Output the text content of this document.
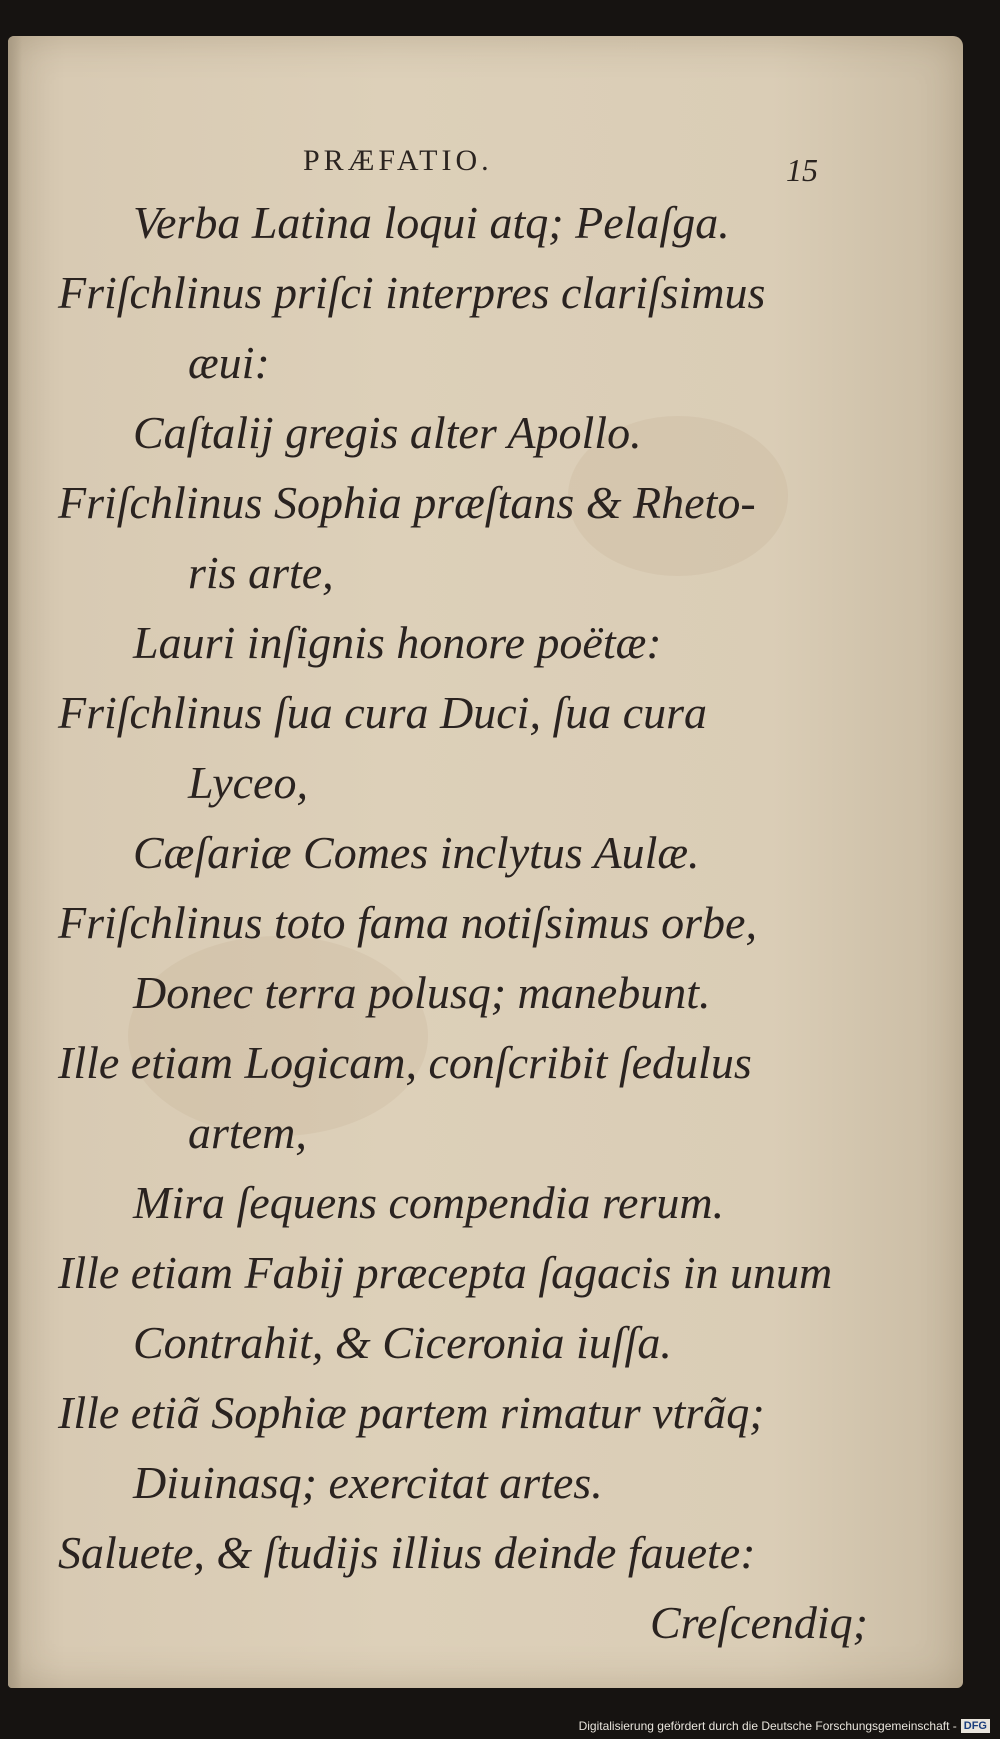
PRÆFATIO.	15
Verba Latina loqui atq; Pelaſga.
Friſchlinus priſci interpres clariſsimus
æui:
Caſtalij gregis alter Apollo.
Friſchlinus Sophia præſtans & Rheto-
ris arte,
Lauri inſignis honore poëtæ:
Friſchlinus ſua cura Duci, ſua cura
Lyceo,
Cæſariæ Comes inclytus Aulæ.
Friſchlinus toto fama notiſsimus orbe,
Donec terra polusq; manebunt.
Ille etiam Logicam, conſcribit ſedulus
artem,
Mira ſequens compendia rerum.
Ille etiam Fabij præcepta ſagacis in unum
Contrahit, & Ciceronia iuſſa.
Ille etiã Sophiæ partem rimatur vtrãq;
Diuinasq; exercitat artes.
Saluete, & ſtudijs illius deinde fauete:
Creſcendiq;
Digitalisierung gefördert durch die Deutsche Forschungsgemeinschaft - DFG
